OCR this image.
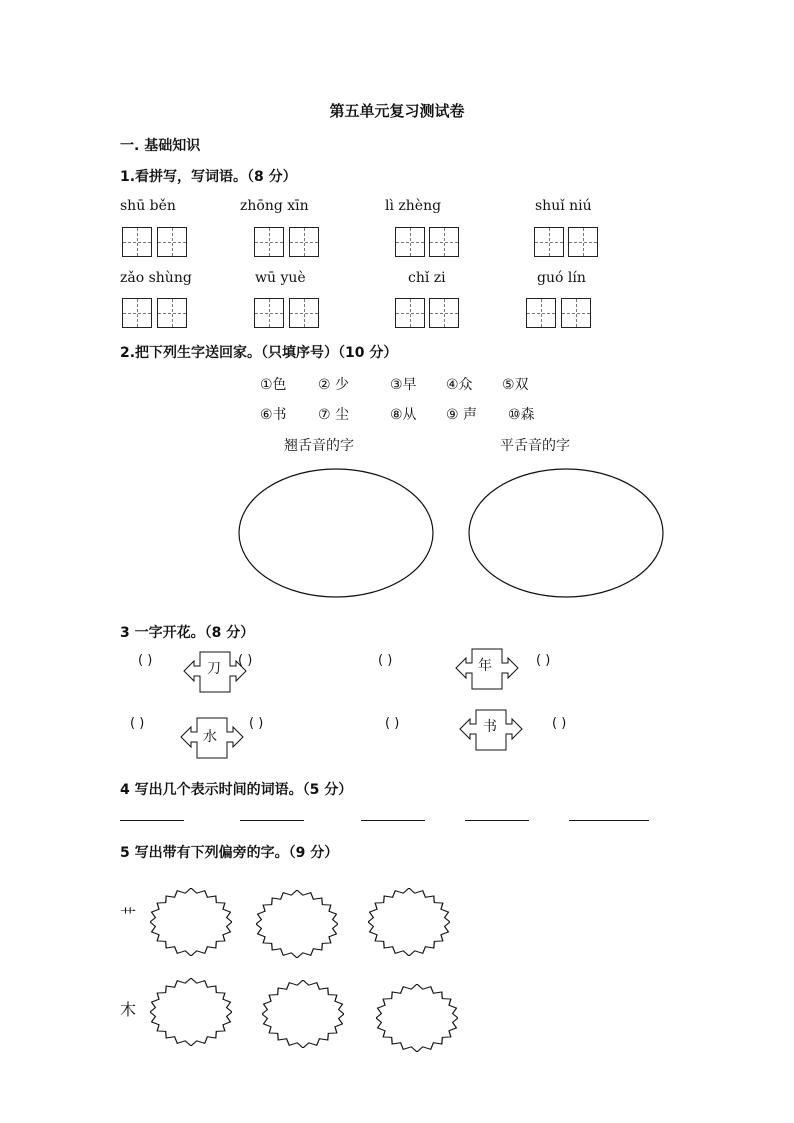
第五单元复习测试卷
一. 基础知识
1.看拼写，写词语。（8 分）
shū běn	zhōng xīn	lì zhèng	shuǐ niú
zǎo shùng	wū yuè	chǐ zi	guó lín
2.把下列生字送回家。（只填序号）（10 分）
①色 ② 少	③早 ④众 ⑤双
⑥书 ⑦ 尘	⑧从 ⑨ 声 ⑩森
翘舌音的字	平舌音的字
3 一字开花。（8 分）
( )
刀
( )	( )	年	( )
( )
水
( )	( )	书	( )
4 写出几个表示时间的词语。（5 分）
5 写出带有下列偏旁的字。（9 分）
艹
木
